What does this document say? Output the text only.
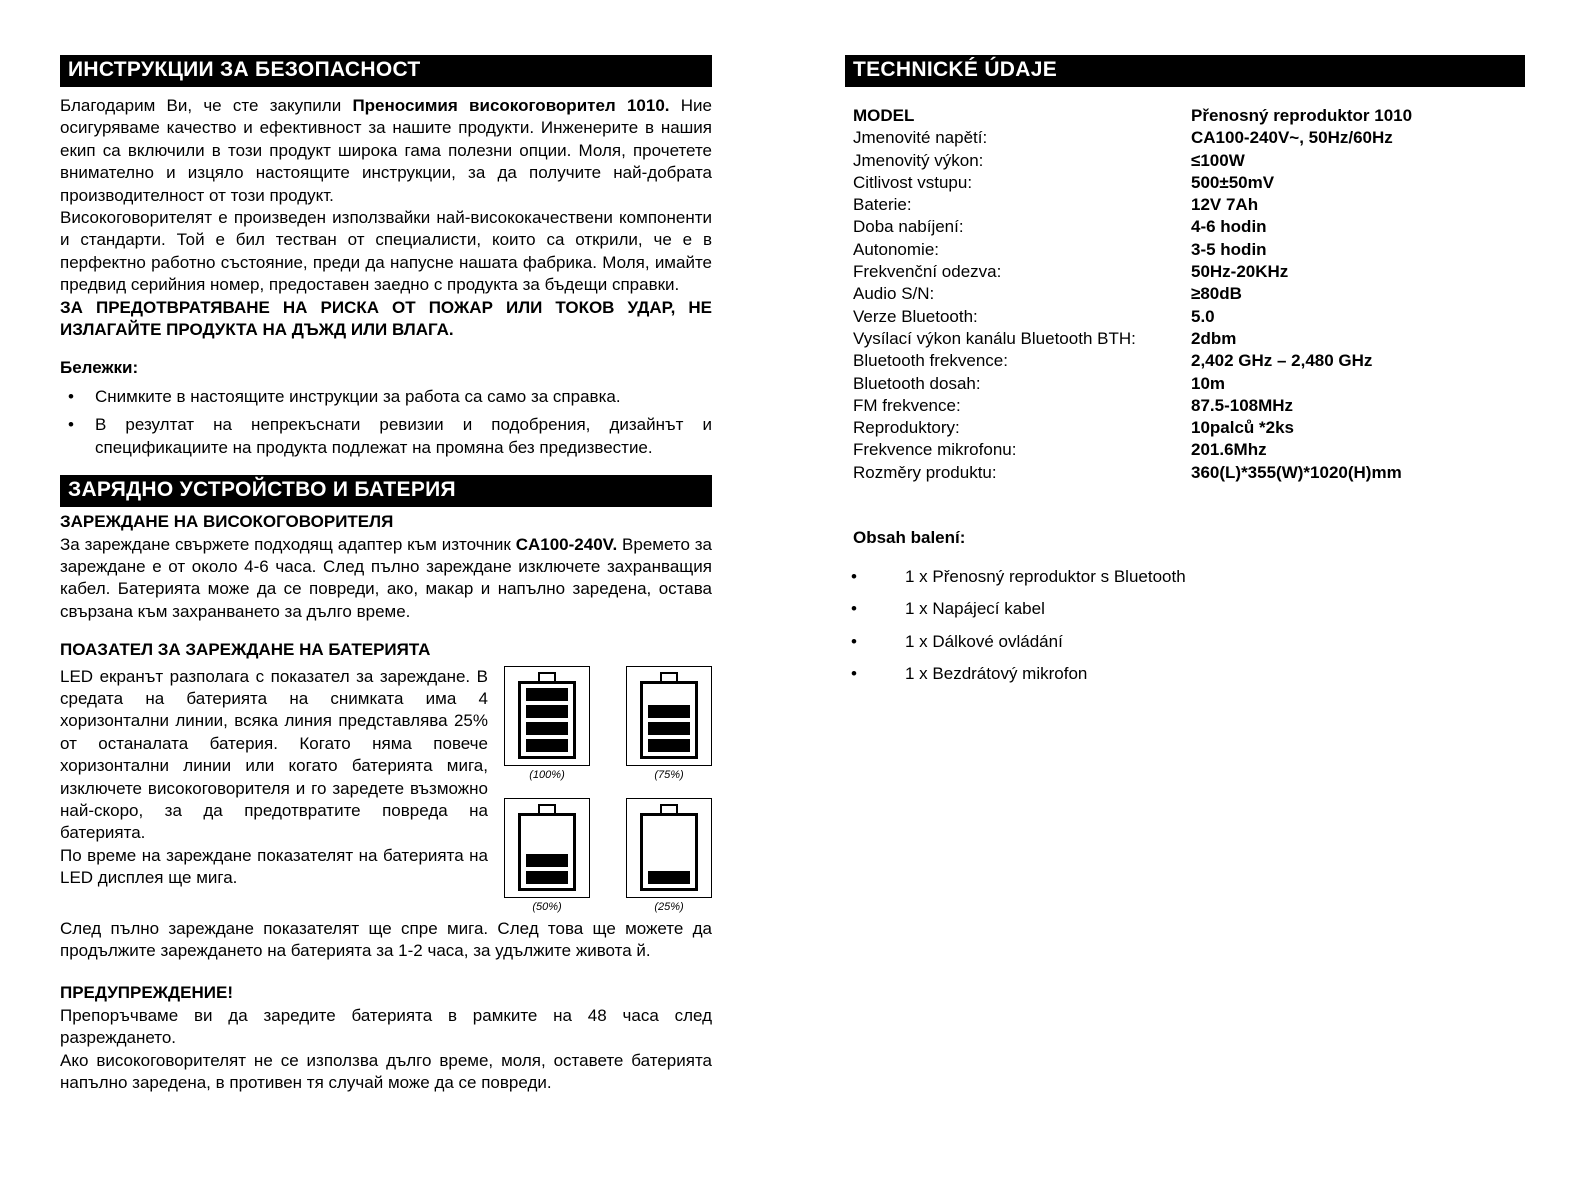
ИНСТРУКЦИИ ЗА БЕЗОПАСНОСТ

Благодарим Ви, че сте закупили Преносимия високоговорител 1010. Ние осигуряваме качество и ефективност за нашите продукти. Инженерите в нашия екип са включили в този продукт широка гама полезни опции. Моля, прочетете внимателно и изцяло настоящите инструкции, за да получите най-добрата производителност от този продукт.

Високоговорителят е произведен използвайки най-висококачествени компоненти и стандарти. Той е бил тестван от специалисти, които са открили, че е в перфектно работно състояние, преди да напусне нашата фабрика. Моля, имайте предвид серийния номер, предоставен заедно с продукта за бъдещи справки.

ЗА ПРЕДОТВРАТЯВАНЕ НА РИСКА ОТ ПОЖАР ИЛИ ТОКОВ УДАР, НЕ ИЗЛАГАЙТЕ ПРОДУКТА НА ДЪЖД ИЛИ ВЛАГА.

Бележки:

• Снимките в настоящите инструкции за работа са само за справка.
• В резултат на непрекъснати ревизии и подобрения, дизайнът и спецификациите на продукта подлежат на промяна без предизвестие.
ЗАРЯДНО УСТРОЙСТВО И БАТЕРИЯ

ЗАРЕЖДАНЕ НА ВИСОКОГОВОРИТЕЛЯ

За зареждане свържете подходящ адаптер към източник CA100-240V. Времето за зареждане е от около 4-6 часа. След пълно зареждане изключете захранващия кабел. Батерията може да се повреди, ако, макар и напълно заредена, остава свързана към захранването за дълго време.

ПОАЗАТЕЛ ЗА ЗАРЕЖДАНЕ НА БАТЕРИЯТА

LED екранът разполага с показател за зареждане. В средата на батерията на снимката има 4 хоризонтални линии, всяка линия представлява 25% от останалата батерия. Когато няма повече хоризонтални линии или когато батерията мига, изключете високоговорителя и го заредете възможно най-скоро, за да предотвратите повреда на батерията.

По време на зареждане показателят на батерията на LED дисплея ще мига.

(100%)	(75%)
(50%)	(25%)

След пълно зареждане показателят ще спре мига. След това ще можете да продължите зареждането на батерията за 1-2 часа, за удължите живота й.

ПРЕДУПРЕЖДЕНИЕ!

Препоръчваме ви да заредите батерията в рамките на 48 часа след разреждането.

Ако високоговорителят не се използва дълго време, моля, оставете батерията напълно заредена, в противен тя случай може да се повреди.

TECHNICKÉ ÚDAJE
MODEL	Přenosný reproduktor 1010
Jmenovité napětí:	CA100-240V~, 50Hz/60Hz
Jmenovitý výkon:	≤100W
Citlivost vstupu:	500±50mV
Baterie:	12V 7Ah
Doba nabíjení:	4-6 hodin
Autonomie:	3-5 hodin
Frekvenční odezva:	50Hz-20KHz
Audio S/N:	≥80dB
Verze Bluetooth:	5.0
Vysílací výkon kanálu Bluetooth BTH:	2dbm
Bluetooth frekvence:	2,402 GHz – 2,480 GHz
Bluetooth dosah:	10m
FM frekvence:	87.5-108MHz
Reproduktory:	10palců *2ks
Frekvence mikrofonu:	201.6Mhz
Rozměry produktu:	360(L)*355(W)*1020(H)mm

Obsah balení:

• 1 x Přenosný reproduktor s Bluetooth
• 1 x Napájecí kabel
• 1 x Dálkové ovládání
• 1 x Bezdrátový mikrofon
